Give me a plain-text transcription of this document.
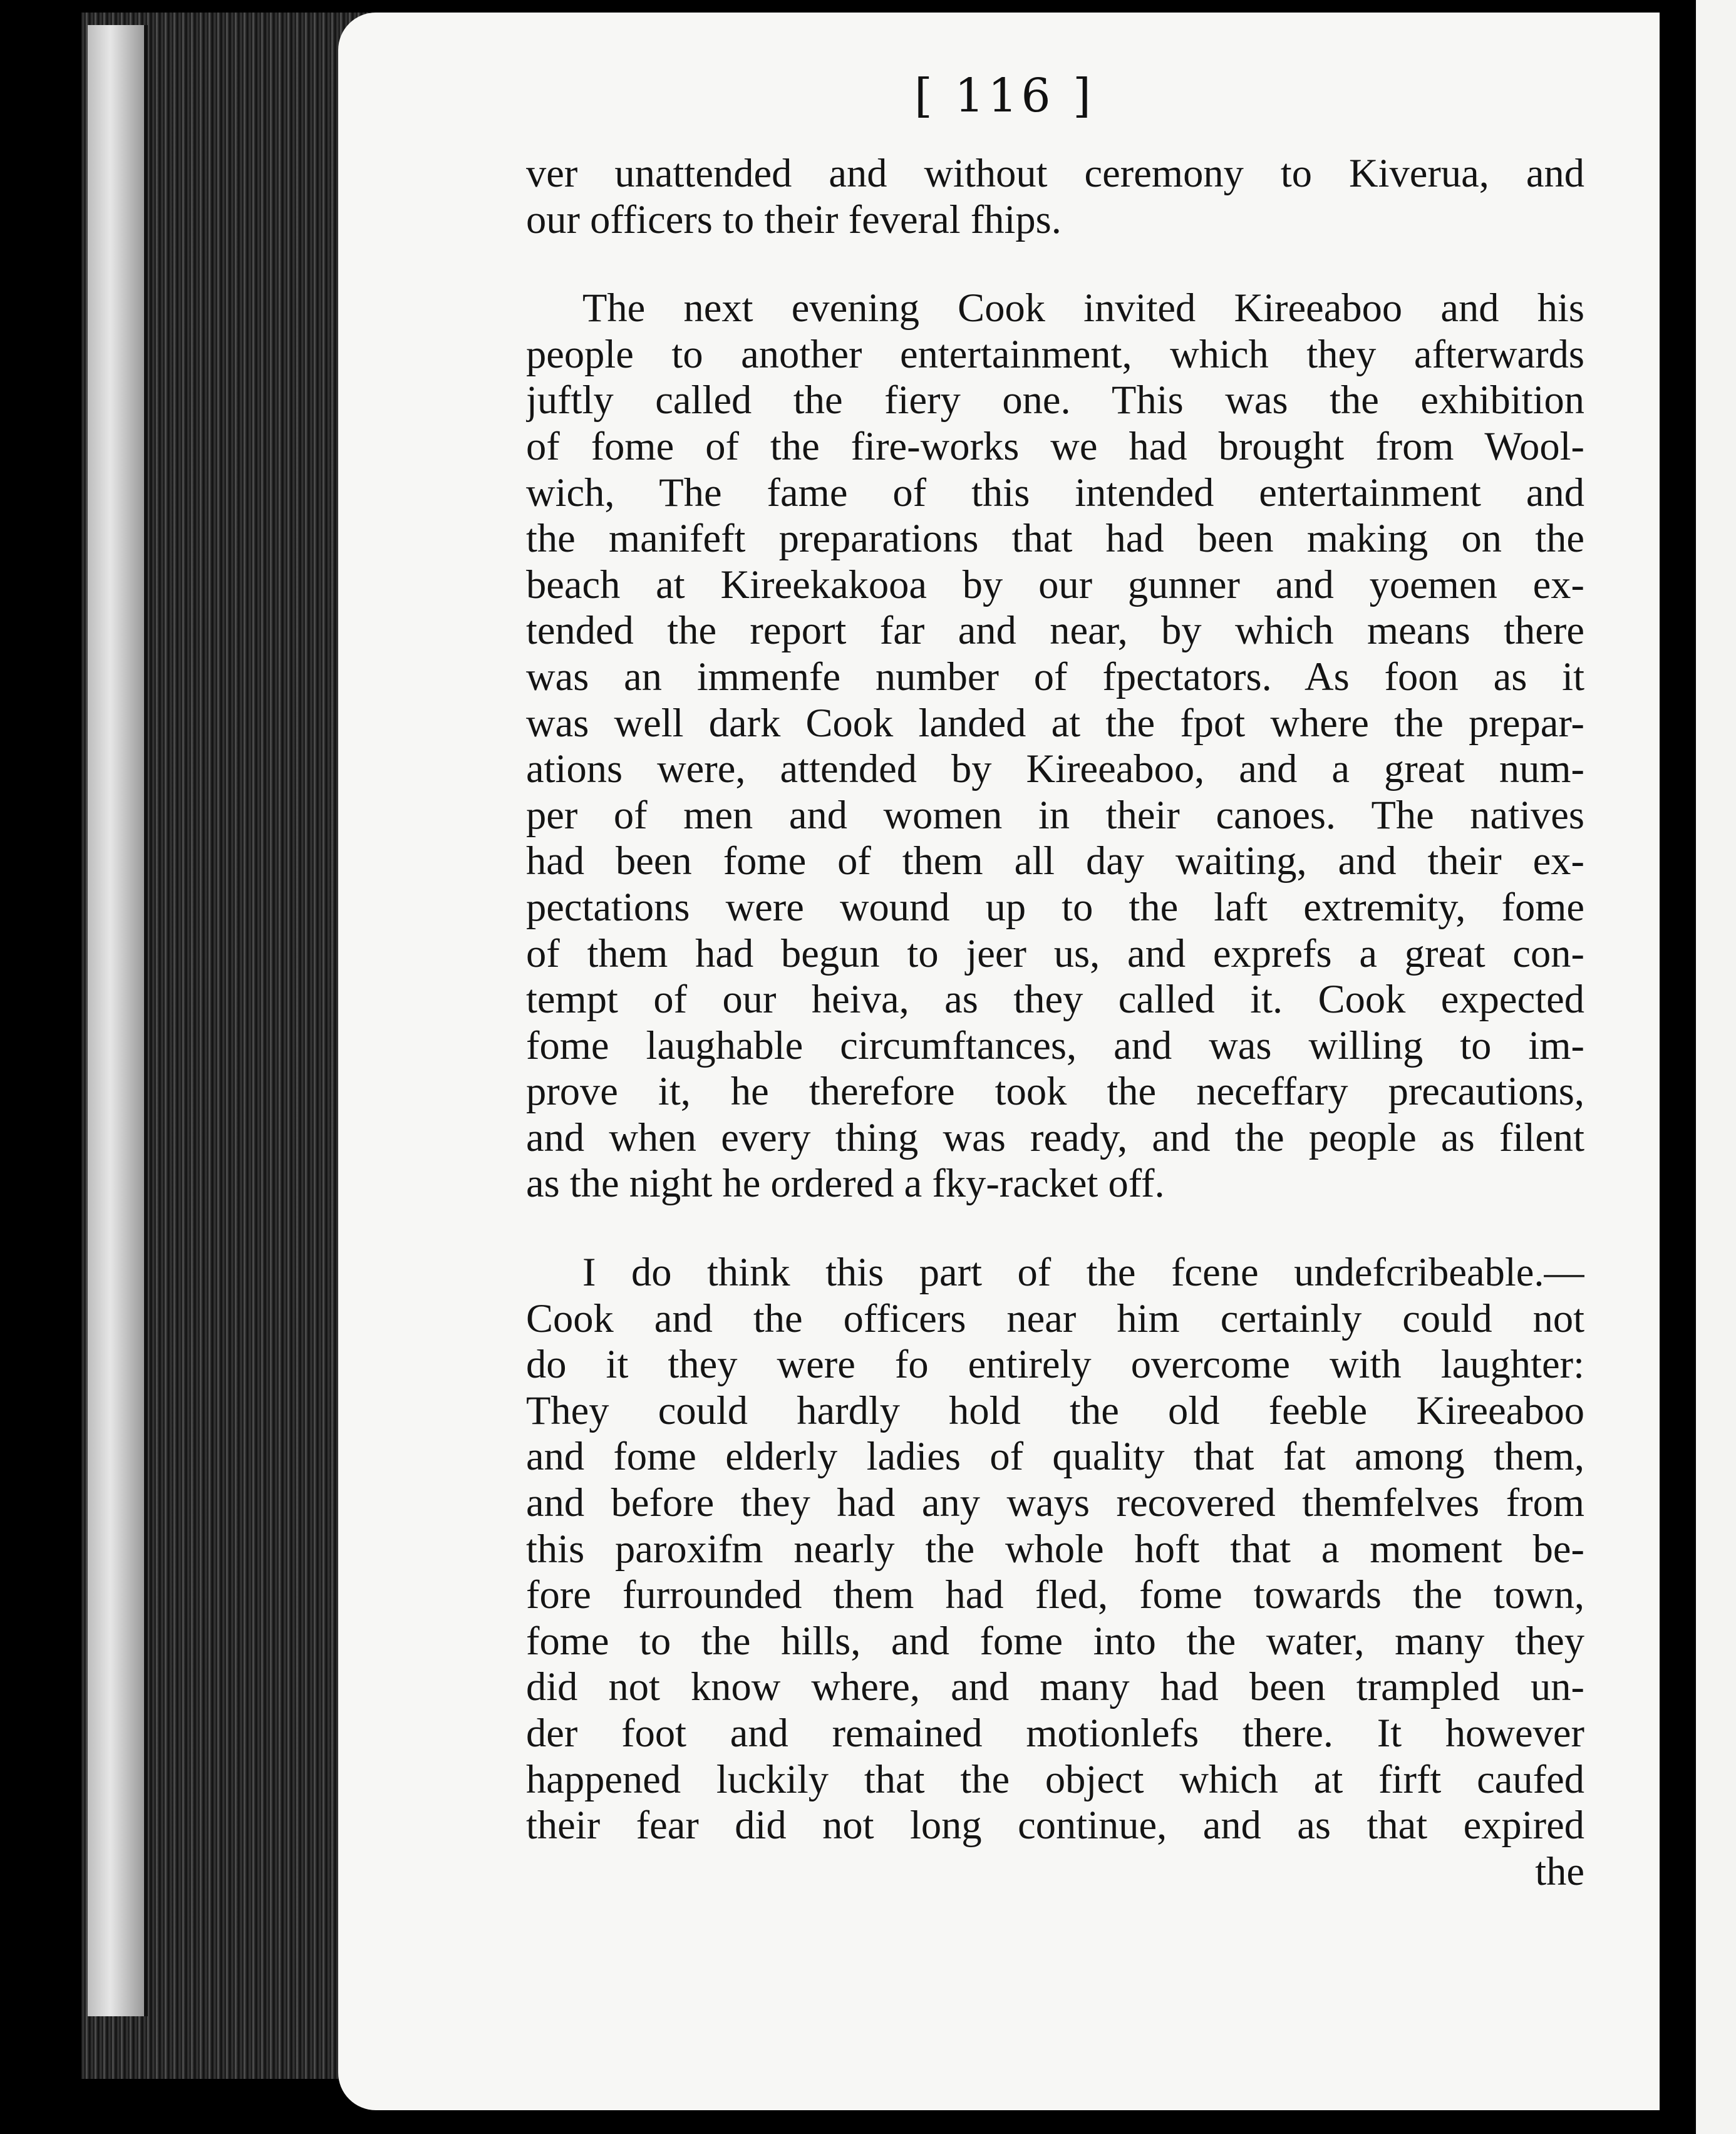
[ 116 ]
ver unattended and without ceremony to Kiverua, and
our officers to their feveral fhips.
The next evening Cook invited Kireeaboo and his
people to another entertainment, which they afterwards
juftly called the fiery one. This was the exhibition
of fome of the fire-works we had brought from Wool-
wich, The fame of this intended entertainment and
the manifeft preparations that had been making on the
beach at Kireekakooa by our gunner and yoemen ex-
tended the report far and near, by which means there
was an immenfe number of fpectators. As foon as it
was well dark Cook landed at the fpot where the prepar-
ations were, attended by Kireeaboo, and a great num-
per of men and women in their canoes. The natives
had been fome of them all day waiting, and their ex-
pectations were wound up to the laft extremity, fome
of them had begun to jeer us, and exprefs a great con-
tempt of our heiva, as they called it. Cook expected
fome laughable circumftances, and was willing to im-
prove it, he therefore took the neceffary precautions,
and when every thing was ready, and the people as filent
as the night he ordered a fky-racket off.
I do think this part of the fcene undefcribeable.—
Cook and the officers near him certainly could not
do it they were fo entirely overcome with laughter:
They could hardly hold the old feeble Kireeaboo
and fome elderly ladies of quality that fat among them,
and before they had any ways recovered themfelves from
this paroxifm nearly the whole hoft that a moment be-
fore furrounded them had fled, fome towards the town,
fome to the hills, and fome into the water, many they
did not know where, and many had been trampled un-
der foot and remained motionlefs there. It however
happened luckily that the object which at firft caufed
their fear did not long continue, and as that expired
the
